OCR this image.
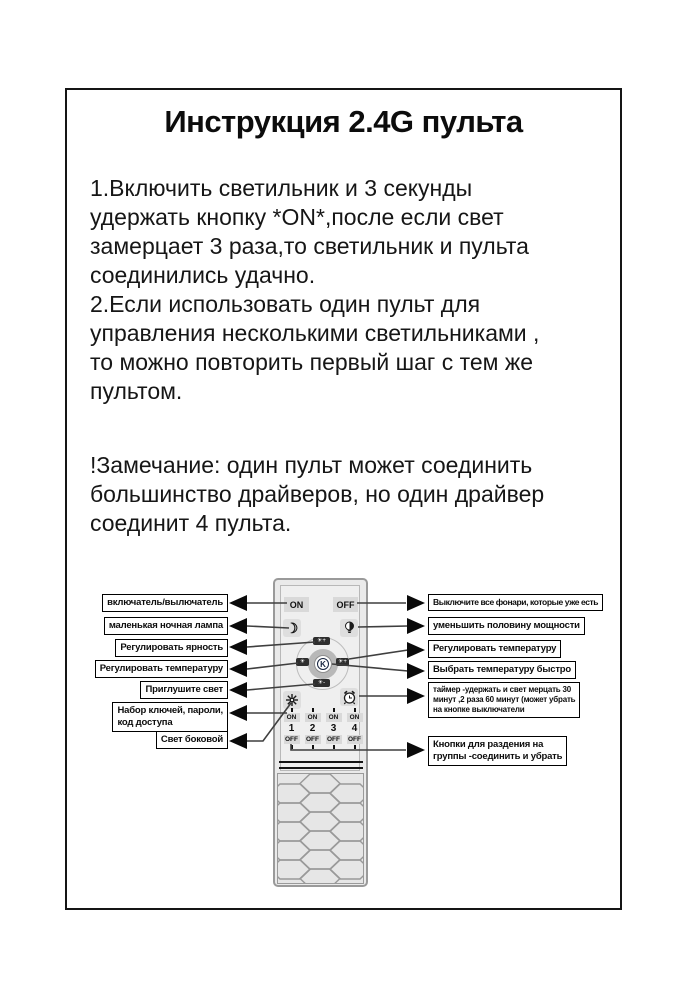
Инструкция 2.4G пульта
1.Включить светильник и 3 секунды
удержать кнопку *ON*,после если свет
замерцает 3 раза,то светильник и пульта
соединились удачно.
2.Если использовать один пульт для
управления несколькими светильниками ,
то можно повторить первый шаг с тем же
пультом.
!Замечание: один пульт может соединить
большинство драйверов, но один драйвер
соединит 4 пульта.
ON	OFF
☽
K
☀+
☀-
☀	☀+
ON
1
OFF
ON
2
OFF
ON
3
OFF
ON
4
OFF
включатель/вылючатель
маленькая ночная лампа
Регулировать ярность
Регулировать температуру
Приглушите свет
Набор ключей, пароли,
код доступа
Свет боковой
Выключите все фонари, которые уже есть
уменьшить половину мощности
Регулировать температуру
Выбрать температуру быстро
таймер -удержать и свет мерцать 30
минут ,2 раза 60 минут (может убрать
на кнопке выключатели
Кнопки для раздения на
группы -соединить и убрать
